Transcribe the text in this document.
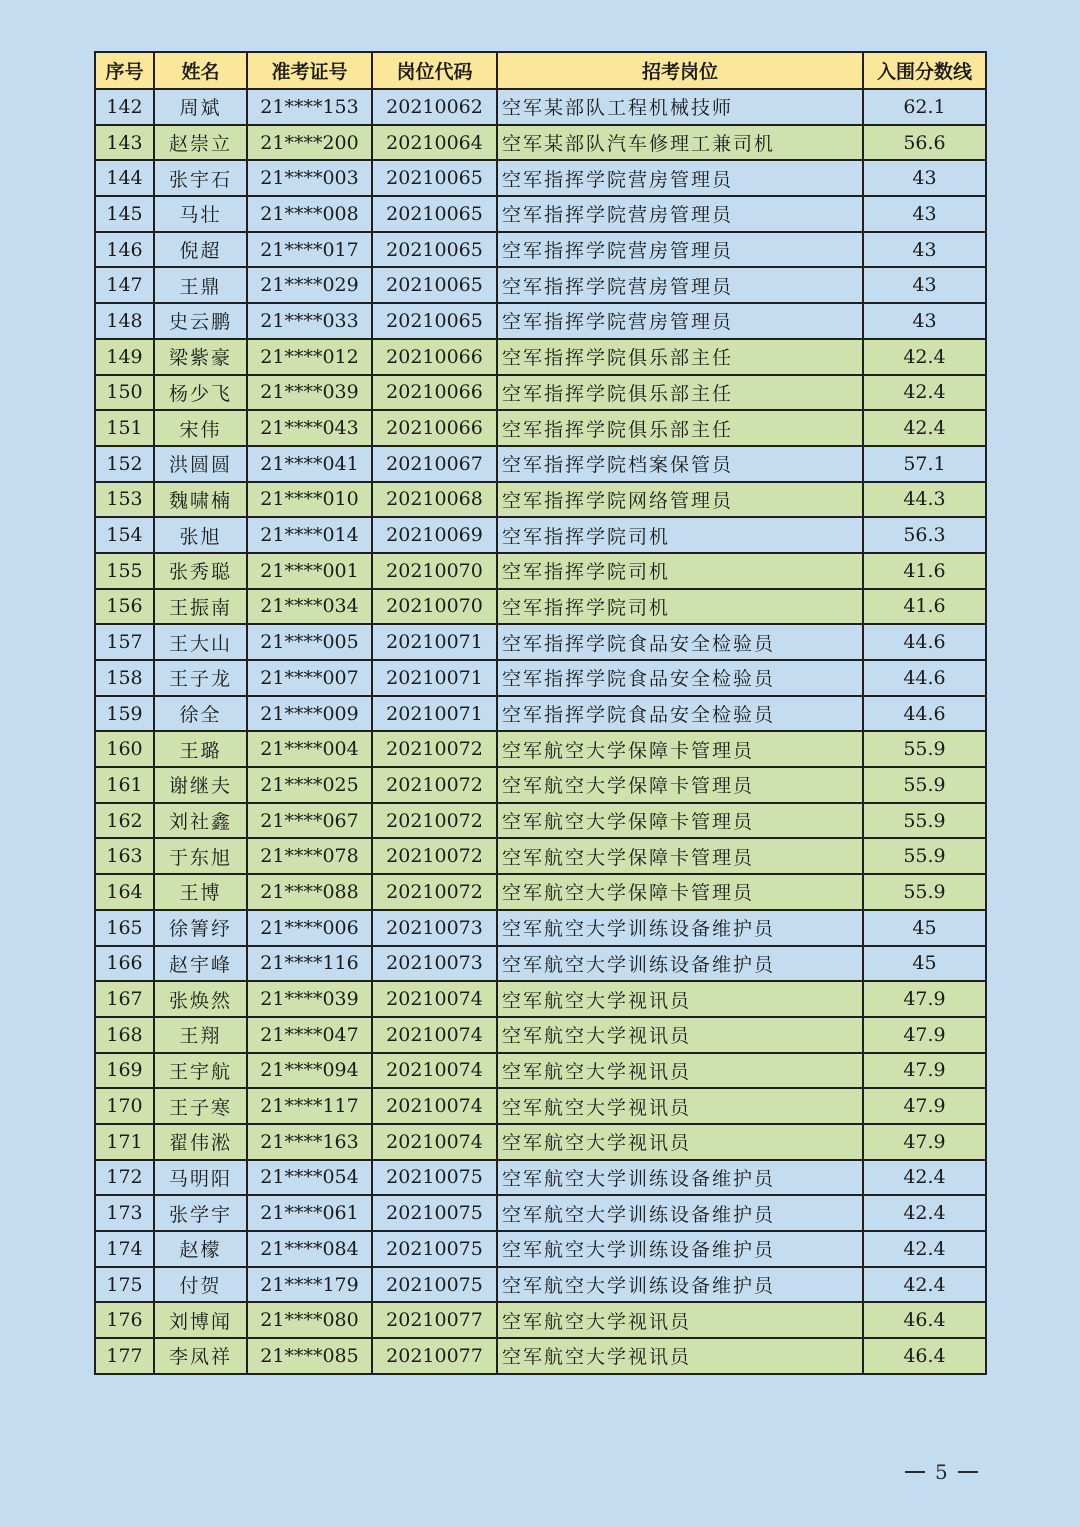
序号	姓名	准考证号	岗位代码	招考岗位	入围分数线
142	周斌	21****153	20210062	空军某部队工程机械技师	62.1
143	赵崇立	21****200	20210064	空军某部队汽车修理工兼司机	56.6
144	张宇石	21****003	20210065	空军指挥学院营房管理员	43
145	马壮	21****008	20210065	空军指挥学院营房管理员	43
146	倪超	21****017	20210065	空军指挥学院营房管理员	43
147	王鼎	21****029	20210065	空军指挥学院营房管理员	43
148	史云鹏	21****033	20210065	空军指挥学院营房管理员	43
149	梁紫豪	21****012	20210066	空军指挥学院俱乐部主任	42.4
150	杨少飞	21****039	20210066	空军指挥学院俱乐部主任	42.4
151	宋伟	21****043	20210066	空军指挥学院俱乐部主任	42.4
152	洪圆圆	21****041	20210067	空军指挥学院档案保管员	57.1
153	魏啸楠	21****010	20210068	空军指挥学院网络管理员	44.3
154	张旭	21****014	20210069	空军指挥学院司机	56.3
155	张秀聪	21****001	20210070	空军指挥学院司机	41.6
156	王振南	21****034	20210070	空军指挥学院司机	41.6
157	王大山	21****005	20210071	空军指挥学院食品安全检验员	44.6
158	王子龙	21****007	20210071	空军指挥学院食品安全检验员	44.6
159	徐全	21****009	20210071	空军指挥学院食品安全检验员	44.6
160	王璐	21****004	20210072	空军航空大学保障卡管理员	55.9
161	谢继夫	21****025	20210072	空军航空大学保障卡管理员	55.9
162	刘社鑫	21****067	20210072	空军航空大学保障卡管理员	55.9
163	于东旭	21****078	20210072	空军航空大学保障卡管理员	55.9
164	王博	21****088	20210072	空军航空大学保障卡管理员	55.9
165	徐箐纾	21****006	20210073	空军航空大学训练设备维护员	45
166	赵宇峰	21****116	20210073	空军航空大学训练设备维护员	45
167	张焕然	21****039	20210074	空军航空大学视讯员	47.9
168	王翔	21****047	20210074	空军航空大学视讯员	47.9
169	王宇航	21****094	20210074	空军航空大学视讯员	47.9
170	王子寒	21****117	20210074	空军航空大学视讯员	47.9
171	翟伟淞	21****163	20210074	空军航空大学视讯员	47.9
172	马明阳	21****054	20210075	空军航空大学训练设备维护员	42.4
173	张学宇	21****061	20210075	空军航空大学训练设备维护员	42.4
174	赵檬	21****084	20210075	空军航空大学训练设备维护员	42.4
175	付贺	21****179	20210075	空军航空大学训练设备维护员	42.4
176	刘博闻	21****080	20210077	空军航空大学视讯员	46.4
177	李凤祥	21****085	20210077	空军航空大学视讯员	46.4
5
